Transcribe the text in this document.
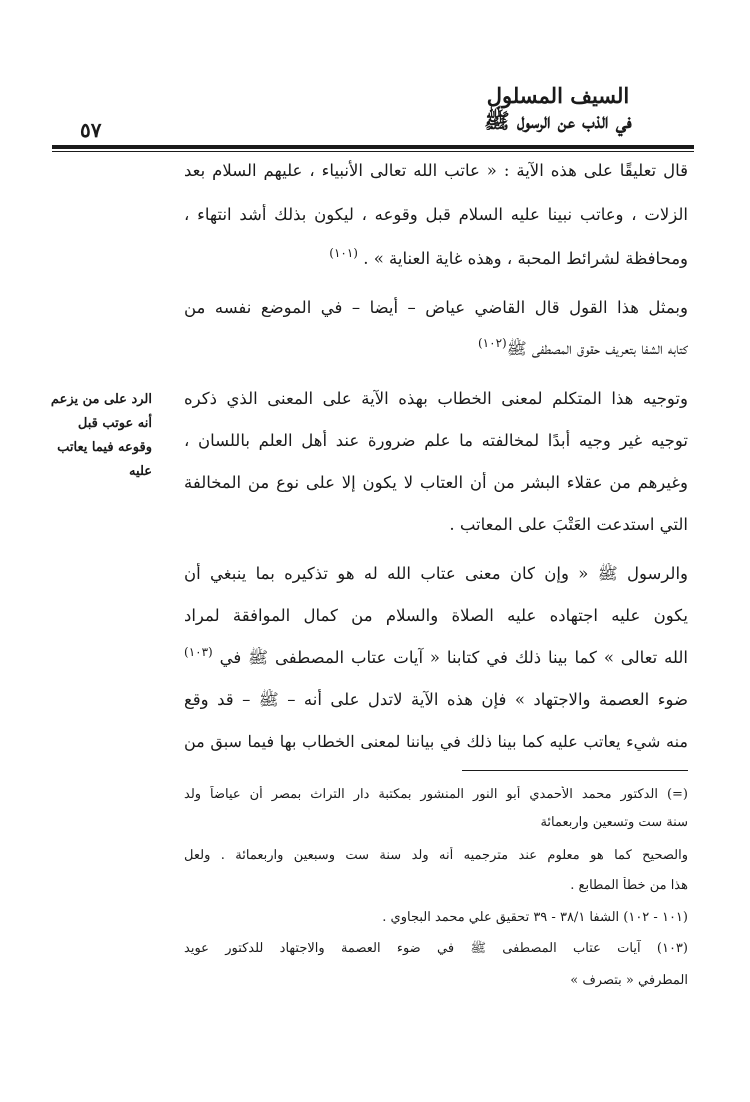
السيف المسلول
في الذب عن الرسول ﷺ
٥٧
قال تعليقًا على هذه الآية : « عاتب الله تعالى الأنبياء ، عليهم السلام بعد
الزلات ، وعاتب نبينا عليه السلام قبل وقوعه ، ليكون بذلك أشد انتهاء ،
ومحافظة لشرائط المحبة ، وهذه غاية العناية » . $^{(١٠١)}$
وبمثل هذا القول قال القاضي عياض – أيضا – في الموضع نفسه من
كتابه الشفا بتعريف حقوق المصطفى ﷺ$^{(١٠٢)}$
الرد على من يزعم
أنه عوتب قبل
وقوعه فيما يعاتب
عليه
وتوجيه هذا المتكلم لمعنى الخطاب بهذه الآية على المعنى الذي ذكره
توجيه غير وجيه أبدًا لمخالفته ما علم ضرورة عند أهل العلم باللسان ،
وغيرهم من عقلاء البشر من أن العتاب لا يكون إلا على نوع من المخالفة
التي استدعت العَتْبَ على المعاتب .
والرسول ﷺ « وإن كان معنى عتاب الله له هو تذكيره بما ينبغي أن
يكون عليه اجتهاده عليه الصلاة والسلام من كمال الموافقة لمراد
الله تعالى » كما بينا ذلك في كتابنا « آيات عتاب المصطفى ﷺ في $^{(١٠٣)}$
ضوء العصمة والاجتهاد » فإن هذه الآية لاتدل على أنه – ﷺ – قد وقع
منه شيء يعاتب عليه كما بينا ذلك في بياننا لمعنى الخطاب بها فيما سبق من
(=) الدكتور محمد الأحمدي أبو النور المنشور بمكتبة دار التراث بمصر أن عياضاً ولد
سنة ست وتسعين واربعمائة
والصحيح كما هو معلوم عند مترجميه أنه ولد سنة ست وسبعين واربعمائة . ولعل
هذا من خطأ المطابع .
(١٠١ - ١٠٢) الشفا ٣٨/١ - ٣٩ تحقيق علي محمد البجاوي .
(١٠٣) آيات عتاب المصطفى ﷺ في ضوء العصمة والاجتهاد للدكتور عويد
المطرفي « بتصرف »
